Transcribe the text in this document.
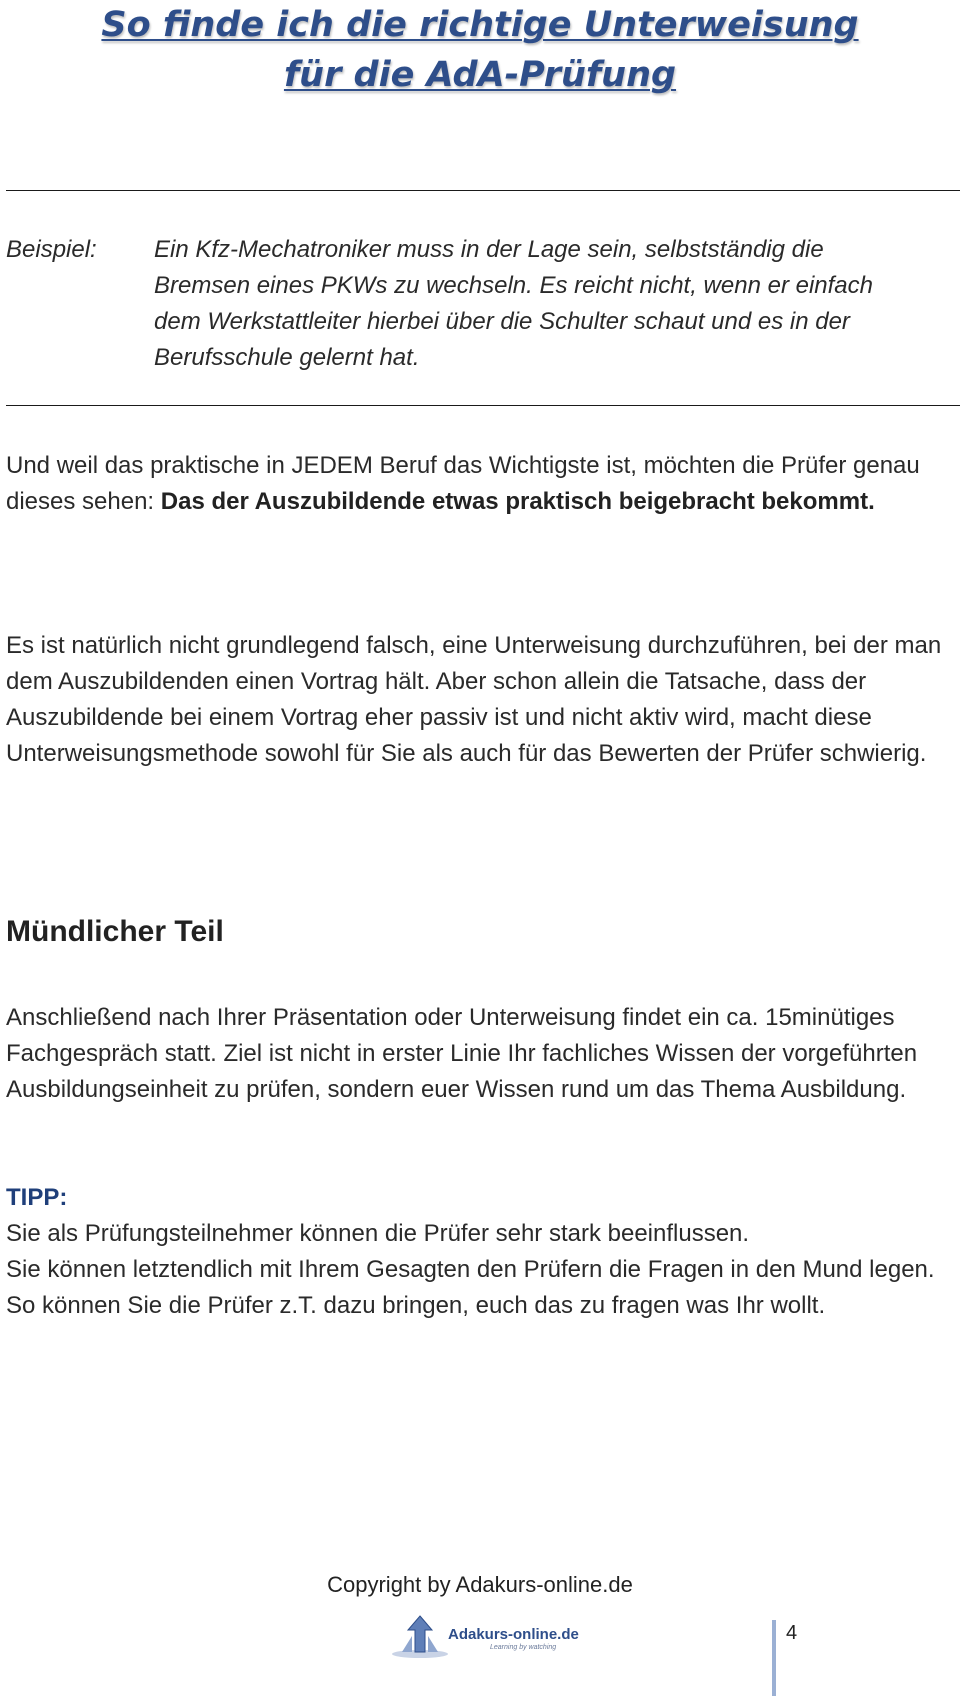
So finde ich die richtige Unterweisung
für die AdA-Prüfung
Beispiel: Ein Kfz-Mechatroniker muss in der Lage sein, selbstständig die
Bremsen eines PKWs zu wechseln. Es reicht nicht, wenn er einfach
dem Werkstattleiter hierbei über die Schulter schaut und es in der
Berufsschule gelernt hat.
Und weil das praktische in JEDEM Beruf das Wichtigste ist, möchten die Prüfer genau dieses sehen: Das der Auszubildende etwas praktisch beigebracht bekommt.
Es ist natürlich nicht grundlegend falsch, eine Unterweisung durchzuführen, bei der man dem Auszubildenden einen Vortrag hält. Aber schon allein die Tatsache, dass der Auszubildende bei einem Vortrag eher passiv ist und nicht aktiv wird, macht diese Unterweisungsmethode sowohl für Sie als auch für das Bewerten der Prüfer schwierig.
Mündlicher Teil
Anschließend nach Ihrer Präsentation oder Unterweisung findet ein ca. 15minütiges Fachgespräch statt. Ziel ist nicht in erster Linie Ihr fachliches Wissen der vorgeführten Ausbildungseinheit zu prüfen, sondern euer Wissen rund um das Thema Ausbildung.
TIPP:
Sie als Prüfungsteilnehmer können die Prüfer sehr stark beeinflussen.
Sie können letztendlich mit Ihrem Gesagten den Prüfern die Fragen in den Mund legen.
So können Sie die Prüfer z.T. dazu bringen, euch das zu fragen was Ihr wollt.
Copyright by Adakurs-online.de
Adakurs-online.de
Learning by watching
4
